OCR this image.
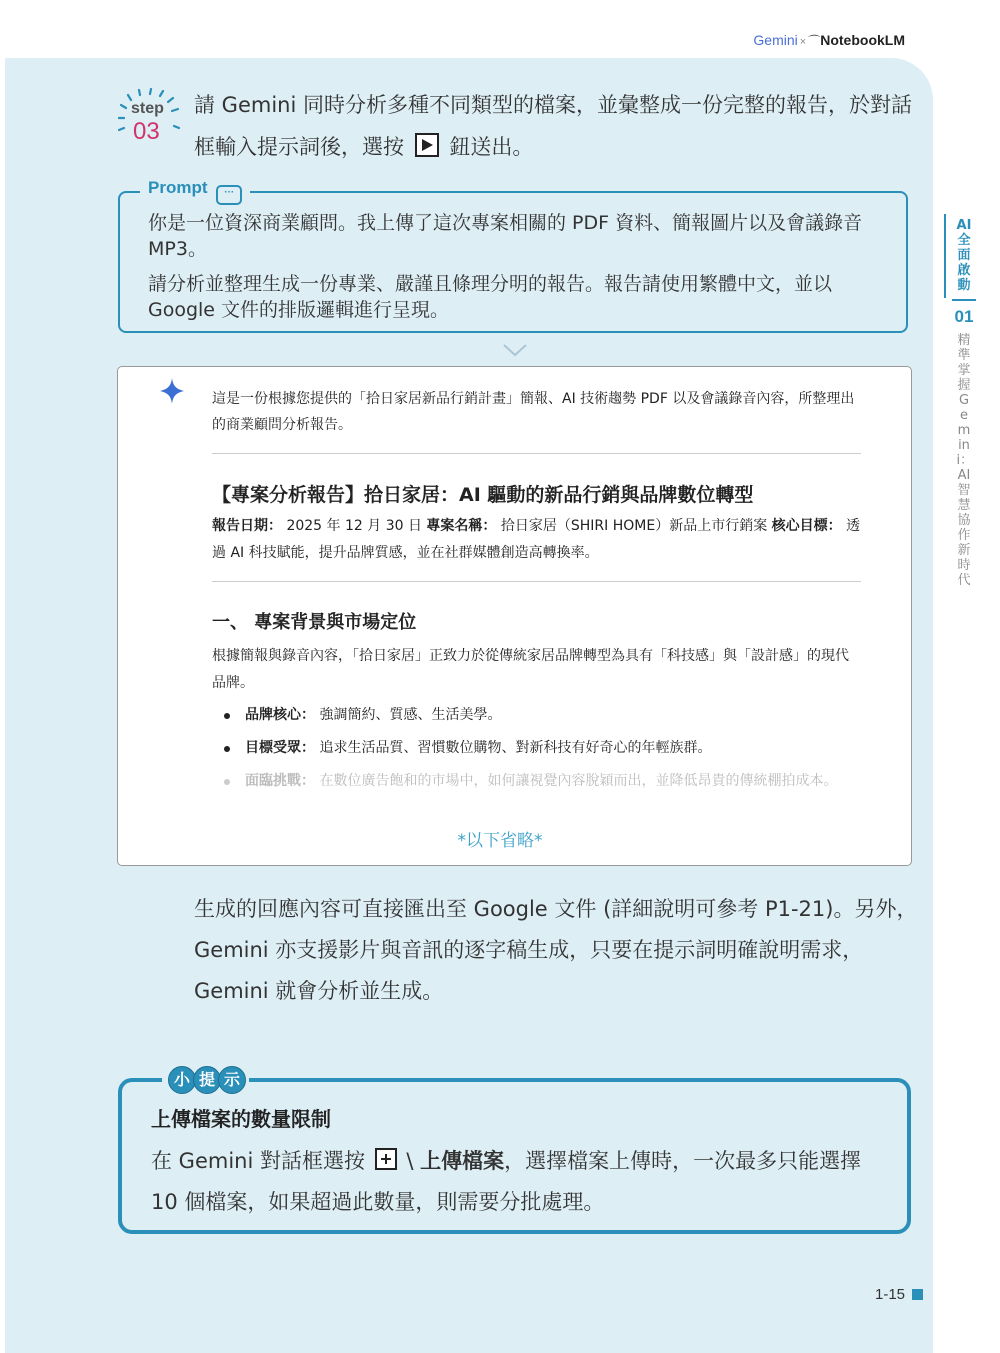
Gemini × ⌒NotebookLM
step
03
請 Gemini 同時分析多種不同類型的檔案，並彙整成一份完整的報告，於對話框輸入提示詞後，選按 鈕送出。
Prompt ···

你是一位資深商業顧問。我上傳了這次專案相關的 PDF 資料、簡報圖片以及會議錄音 MP3。

請分析並整理生成一份專業、嚴謹且條理分明的報告。報告請使用繁體中文，並以 Google 文件的排版邏輯進行呈現。

這是一份根據您提供的「拾日家居新品行銷計畫」簡報、AI 技術趨勢 PDF 以及會議錄音內容，所整理出的商業顧問分析報告。
【專案分析報告】拾日家居：AI 驅動的新品行銷與品牌數位轉型
報告日期： 2025 年 12 月 30 日 專案名稱： 拾日家居（SHIRI HOME）新品上市行銷案 核心目標： 透過 AI 科技賦能，提升品牌質感，並在社群媒體創造高轉換率。
一、 專案背景與市場定位
根據簡報與錄音內容，「拾日家居」正致力於從傳統家居品牌轉型為具有「科技感」與「設計感」的現代品牌。
品牌核心： 強調簡約、質感、生活美學。
目標受眾： 追求生活品質、習慣數位購物、對新科技有好奇心的年輕族群。
面臨挑戰： 在數位廣告飽和的市場中，如何讓視覺內容脫穎而出，並降低昂貴的傳統棚拍成本。
*以下省略*
生成的回應內容可直接匯出至 Google 文件 (詳細說明可參考 P1-21)。另外，Gemini 亦支援影片與音訊的逐字稿生成，只要在提示詞明確說明需求，Gemini 就會分析並生成。
小 提 示
上傳檔案的數量限制
在 Gemini 對話框選按  \ 上傳檔案，選擇檔案上傳時，一次最多只能選擇 10 個檔案，如果超過此數量，則需要分批處理。
1-15
AI全面啟動
01
精準掌握Gemini：AI智慧協作新時代
